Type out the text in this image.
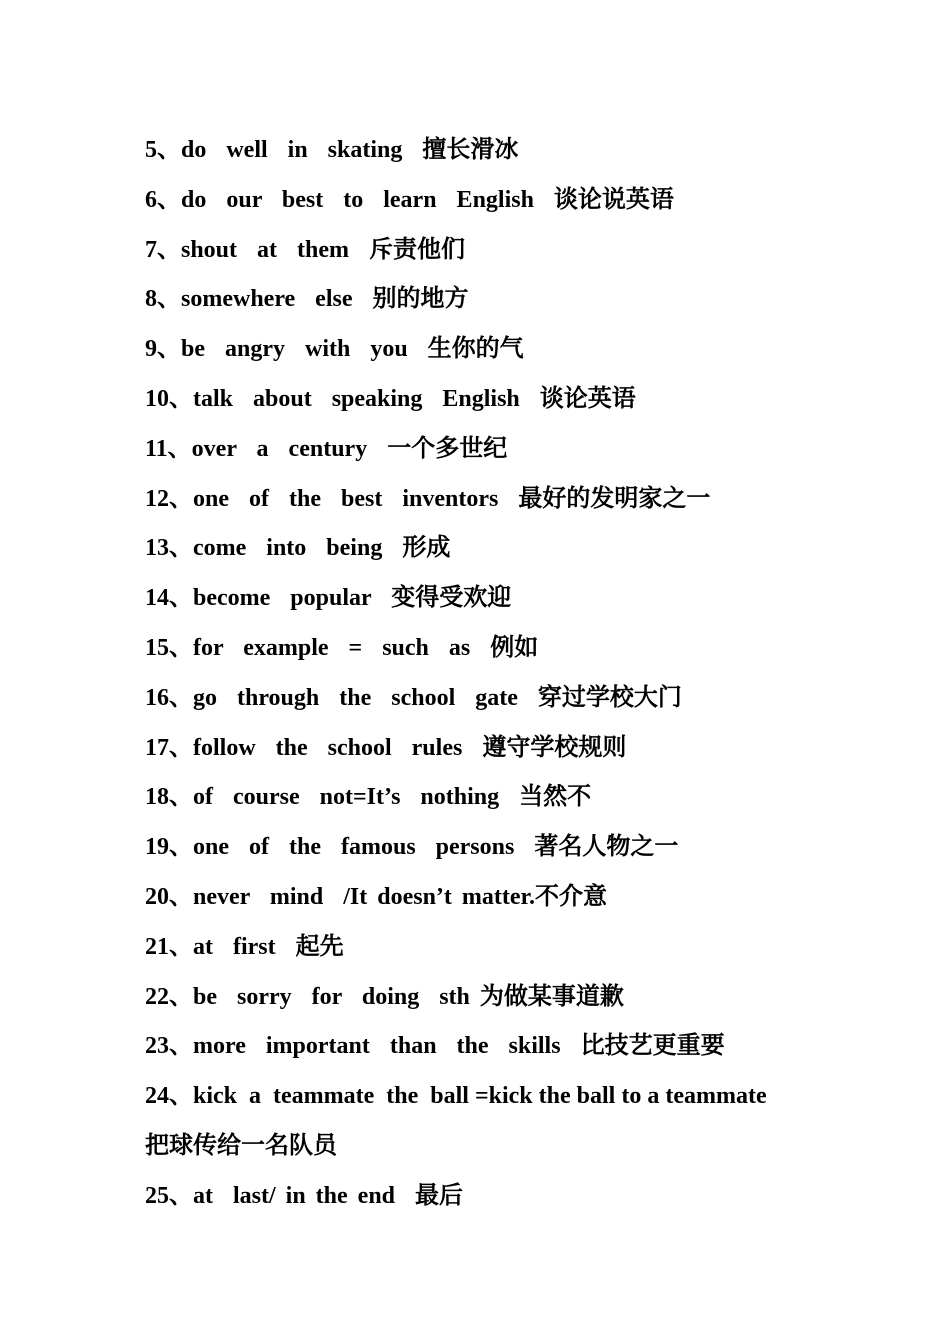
5、do  well  in  skating  擅长滑冰
6、do  our  best  to  learn  English  谈论说英语
7、shout  at  them  斥责他们
8、somewhere  else  别的地方
9、be  angry  with  you  生你的气
10、talk  about  speaking  English  谈论英语
11、over  a  century  一个多世纪
12、one  of  the  best  inventors  最好的发明家之一
13、come  into  being  形成
14、become  popular  变得受欢迎
15、for  example  =  such  as  例如
16、go  through  the  school  gate  穿过学校大门
17、follow  the  school  rules  遵守学校规则
18、of  course  not=It’s  nothing  当然不
19、one  of  the  famous  persons  著名人物之一
20、never  mind  /It doesn’t matter.不介意
21、at  first  起先
22、be  sorry  for  doing  sth 为做某事道歉
23、more  important  than  the  skills  比技艺更重要
24、kick  a  teammate  the  ball =kick the ball to a teammate
把球传给一名队员
25、at  last/ in the end  最后
